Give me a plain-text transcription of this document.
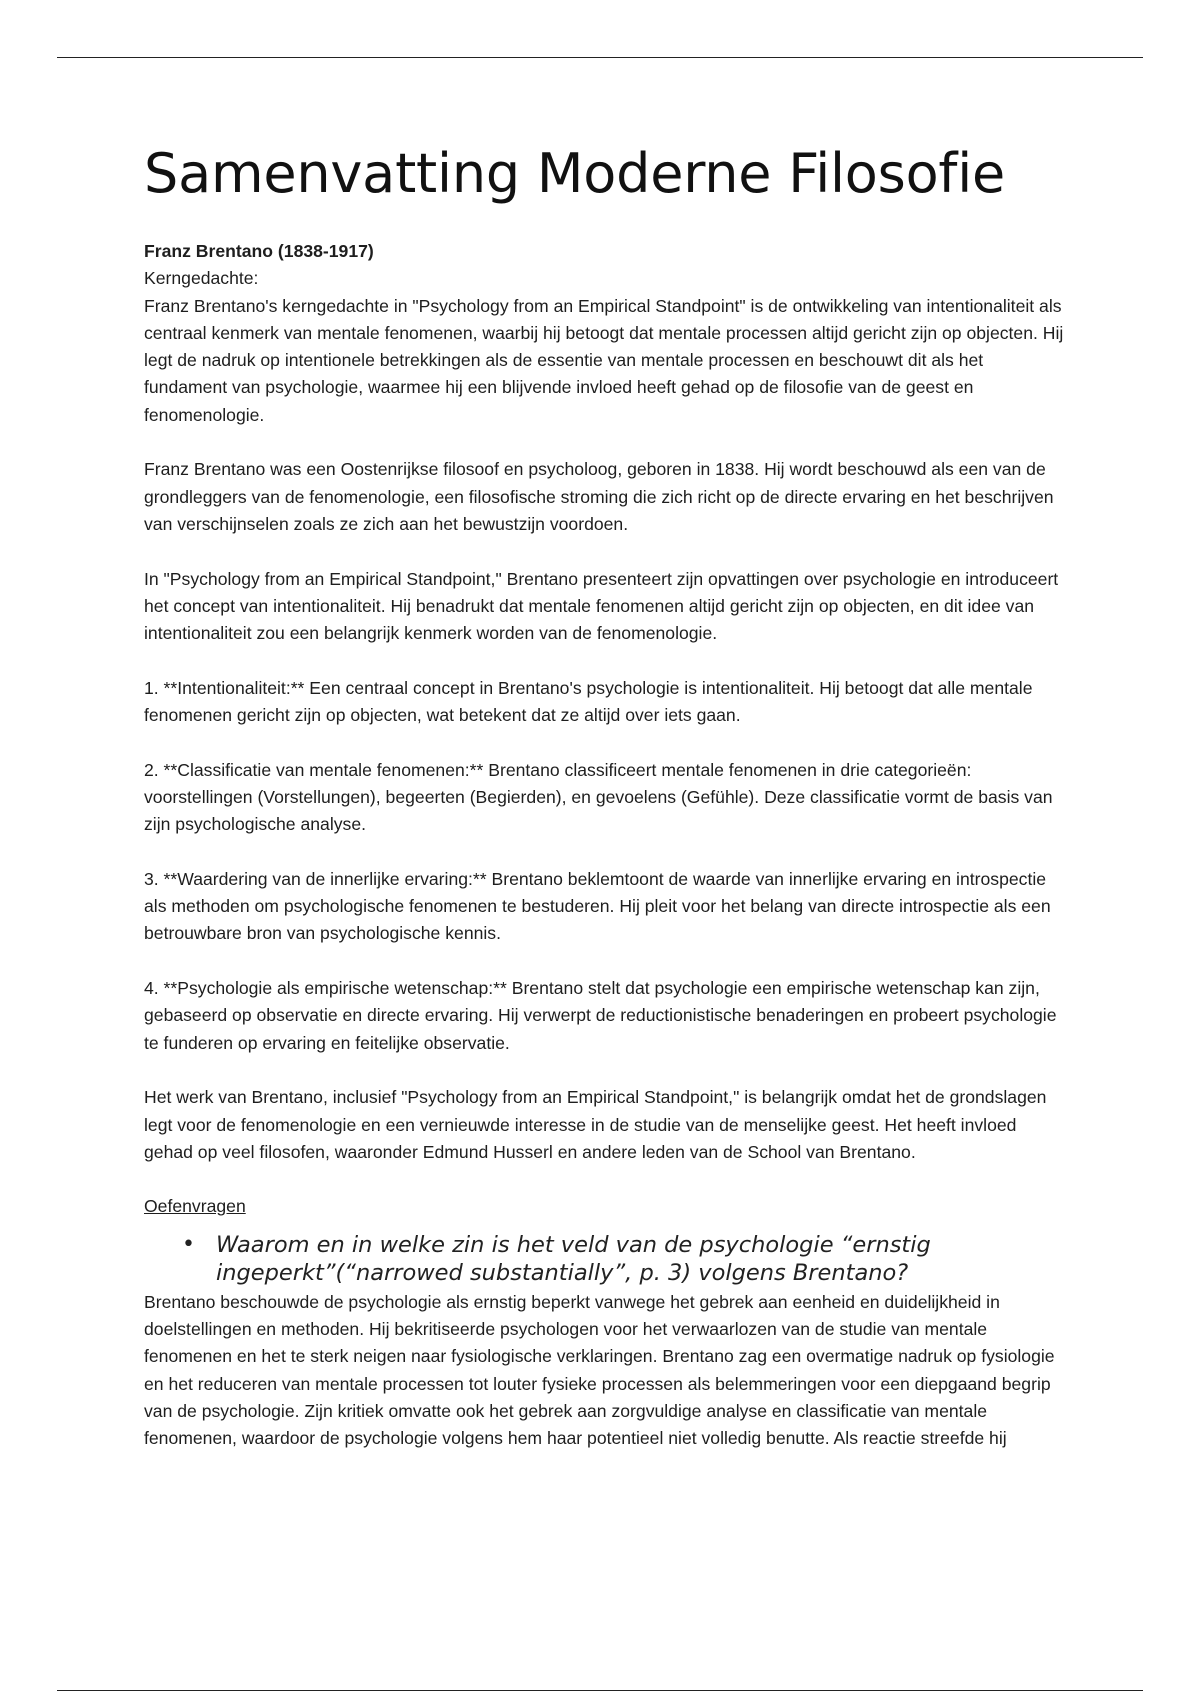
Samenvatting Moderne Filosofie

Franz Brentano (1838-1917)
Kerngedachte:
Franz Brentano's kerngedachte in "Psychology from an Empirical Standpoint" is de ontwikkeling van intentionaliteit als centraal kenmerk van mentale fenomenen, waarbij hij betoogt dat mentale processen altijd gericht zijn op objecten. Hij legt de nadruk op intentionele betrekkingen als de essentie van mentale processen en beschouwt dit als het fundament van psychologie, waarmee hij een blijvende invloed heeft gehad op de filosofie van de geest en fenomenologie.

Franz Brentano was een Oostenrijkse filosoof en psycholoog, geboren in 1838. Hij wordt beschouwd als een van de grondleggers van de fenomenologie, een filosofische stroming die zich richt op de directe ervaring en het beschrijven van verschijnselen zoals ze zich aan het bewustzijn voordoen.

In "Psychology from an Empirical Standpoint," Brentano presenteert zijn opvattingen over psychologie en introduceert het concept van intentionaliteit. Hij benadrukt dat mentale fenomenen altijd gericht zijn op objecten, en dit idee van intentionaliteit zou een belangrijk kenmerk worden van de fenomenologie.

1. **Intentionaliteit:** Een centraal concept in Brentano's psychologie is intentionaliteit. Hij betoogt dat alle mentale fenomenen gericht zijn op objecten, wat betekent dat ze altijd over iets gaan.

2. **Classificatie van mentale fenomenen:** Brentano classificeert mentale fenomenen in drie categorieën: voorstellingen (Vorstellungen), begeerten (Begierden), en gevoelens (Gefühle). Deze classificatie vormt de basis van zijn psychologische analyse.

3. **Waardering van de innerlijke ervaring:** Brentano beklemtoont de waarde van innerlijke ervaring en introspectie als methoden om psychologische fenomenen te bestuderen. Hij pleit voor het belang van directe introspectie als een betrouwbare bron van psychologische kennis.

4. **Psychologie als empirische wetenschap:** Brentano stelt dat psychologie een empirische wetenschap kan zijn, gebaseerd op observatie en directe ervaring. Hij verwerpt de reductionistische benaderingen en probeert psychologie te funderen op ervaring en feitelijke observatie.

Het werk van Brentano, inclusief "Psychology from an Empirical Standpoint," is belangrijk omdat het de grondslagen legt voor de fenomenologie en een vernieuwde interesse in de studie van de menselijke geest. Het heeft invloed gehad op veel filosofen, waaronder Edmund Husserl en andere leden van de School van Brentano.

Oefenvragen

• Waarom en in welke zin is het veld van de psychologie “ernstig ingeperkt”(“narrowed substantially”, p. 3) volgens Brentano?
Brentano beschouwde de psychologie als ernstig beperkt vanwege het gebrek aan eenheid en duidelijkheid in doelstellingen en methoden. Hij bekritiseerde psychologen voor het verwaarlozen van de studie van mentale fenomenen en het te sterk neigen naar fysiologische verklaringen. Brentano zag een overmatige nadruk op fysiologie en het reduceren van mentale processen tot louter fysieke processen als belemmeringen voor een diepgaand begrip van de psychologie. Zijn kritiek omvatte ook het gebrek aan zorgvuldige analyse en classificatie van mentale fenomenen, waardoor de psychologie volgens hem haar potentieel niet volledig benutte. Als reactie streefde hij
